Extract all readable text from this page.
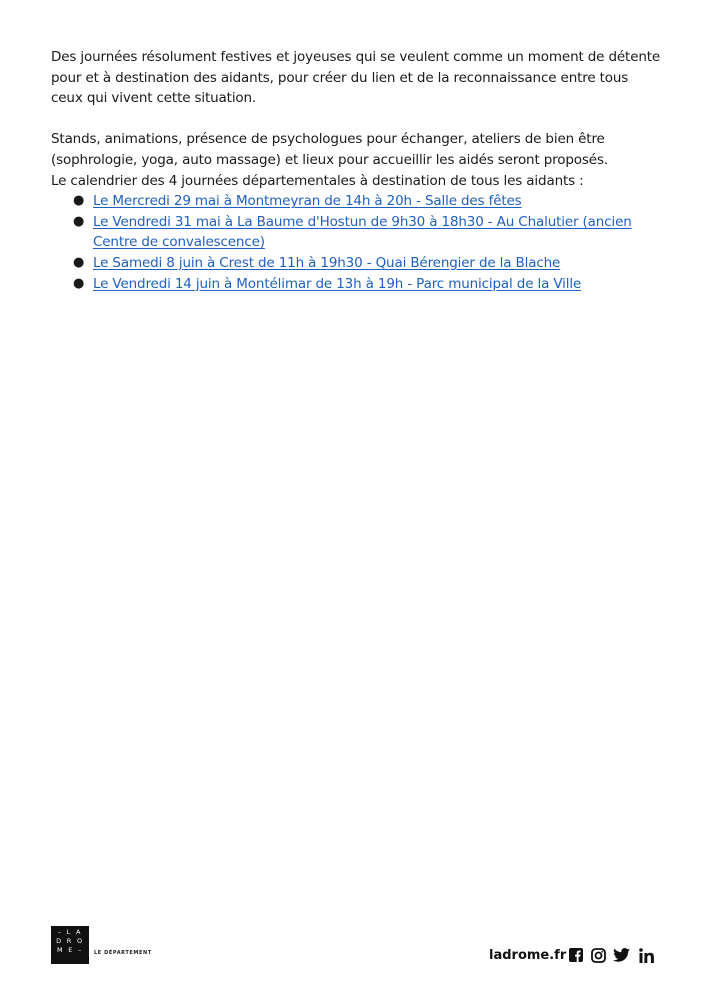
Des journées résolument festives et joyeuses qui se veulent comme un moment de détente pour et à destination des aidants, pour créer du lien et de la reconnaissance entre tous ceux qui vivent cette situation.

Stands, animations, présence de psychologues pour échanger, ateliers de bien être (sophrologie, yoga, auto massage) et lieux pour accueillir les aidés seront proposés.

Le calendrier des 4 journées départementales à destination de tous les aidants :

● Le Mercredi 29 mai à Montmeyran de 14h à 20h - Salle des fêtes
● Le Vendredi 31 mai à La Baume d'Hostun de 9h30 à 18h30 - Au Chalutier (ancien Centre de convalescence)
● Le Samedi 8 juin à Crest de 11h à 19h30 - Quai Bérengier de la Blache
● Le Vendredi 14 juin à Montélimar de 13h à 19h - Parc municipal de la Ville
– L A
D R O
M E –	LE DÉPARTEMENT	ladrome.fr
